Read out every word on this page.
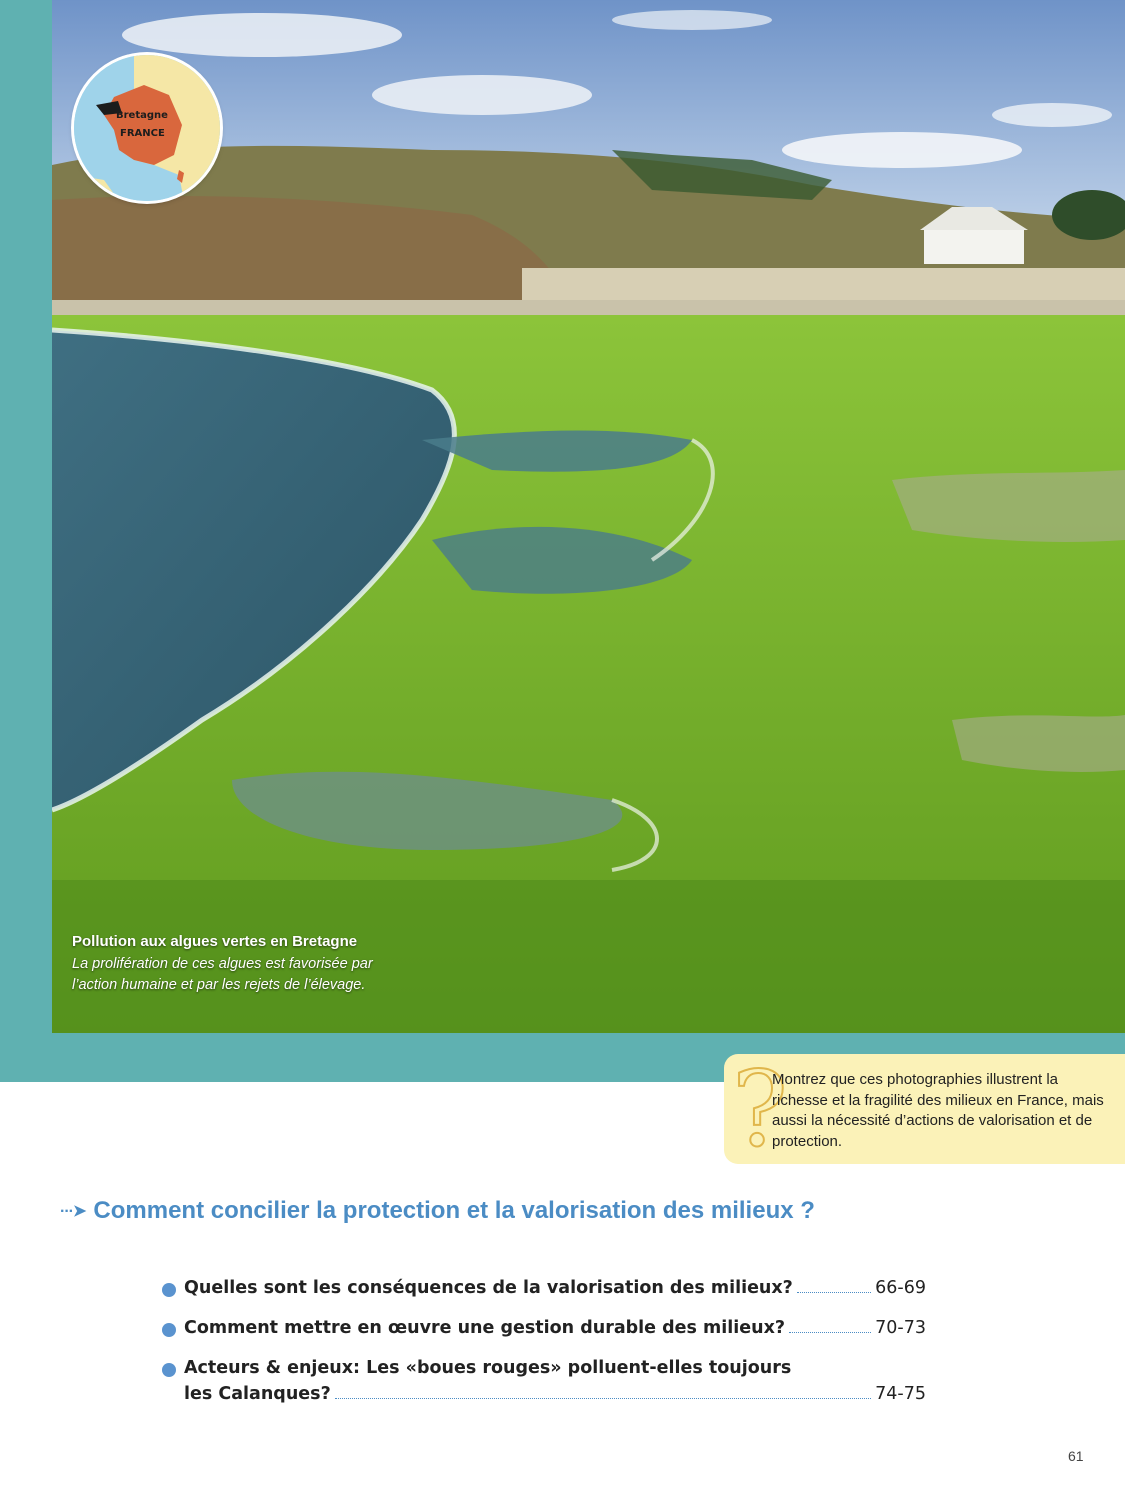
Bretagne
FRANCE
Pollution aux algues vertes en Bretagne
La prolifération de ces algues est favorisée par l’action humaine et par les rejets de l’élevage.
?
Montrez que ces photographies illustrent la richesse et la fragilité des milieux en France, mais aussi la nécessité d’actions de valorisation et de protection.
···➤ Comment concilier la protection et la valorisation des milieux ?
Quelles sont les conséquences de la valorisation des milieux?	66-69
Comment mettre en œuvre une gestion durable des milieux?	70-73
Acteurs & enjeux: Les «boues rouges» polluent-elles toujours
les Calanques?	74-75
61
